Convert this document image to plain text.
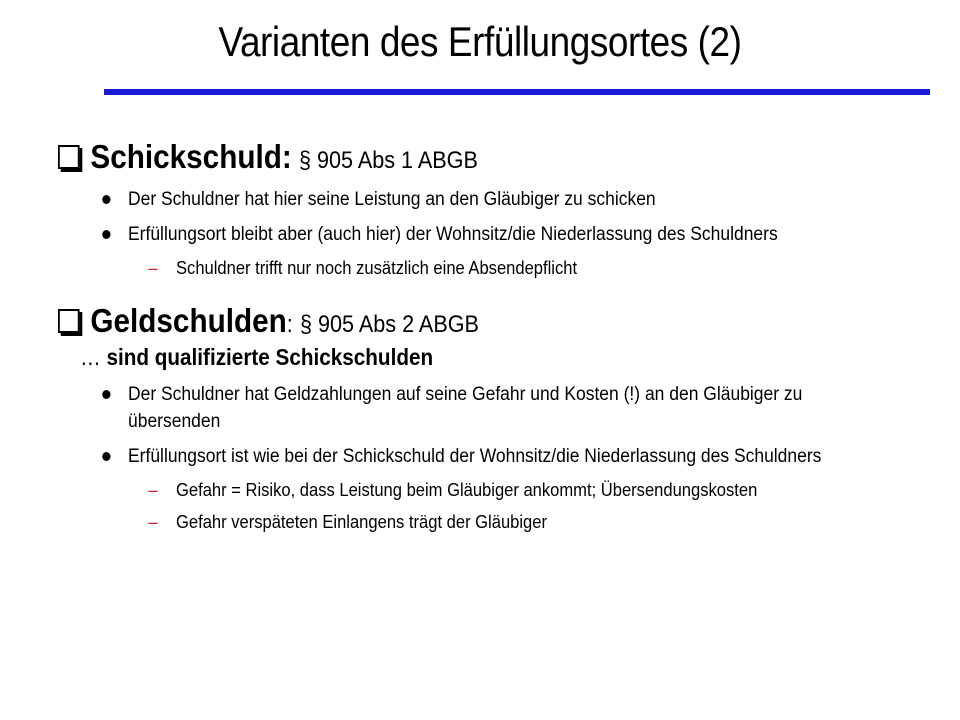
Varianten des Erfüllungsortes (2)
Schickschuld: § 905 Abs 1 ABGB
Der Schuldner hat hier seine Leistung an den Gläubiger zu schicken
Erfüllungsort bleibt aber (auch hier) der Wohnsitz/die Niederlassung des Schuldners
– Schuldner trifft nur noch zusätzlich eine Absendepflicht
Geldschulden : § 905 Abs 2 ABGB
… sind qualifizierte Schickschulden
Der Schuldner hat Geldzahlungen auf seine Gefahr und Kosten (!) an den Gläubiger zu übersenden
Erfüllungsort ist wie bei der Schickschuld der Wohnsitz/die Niederlassung des Schuldners
– Gefahr = Risiko, dass Leistung beim Gläubiger ankommt; Übersendungskosten
– Gefahr verspäteten Einlangens trägt der Gläubiger
